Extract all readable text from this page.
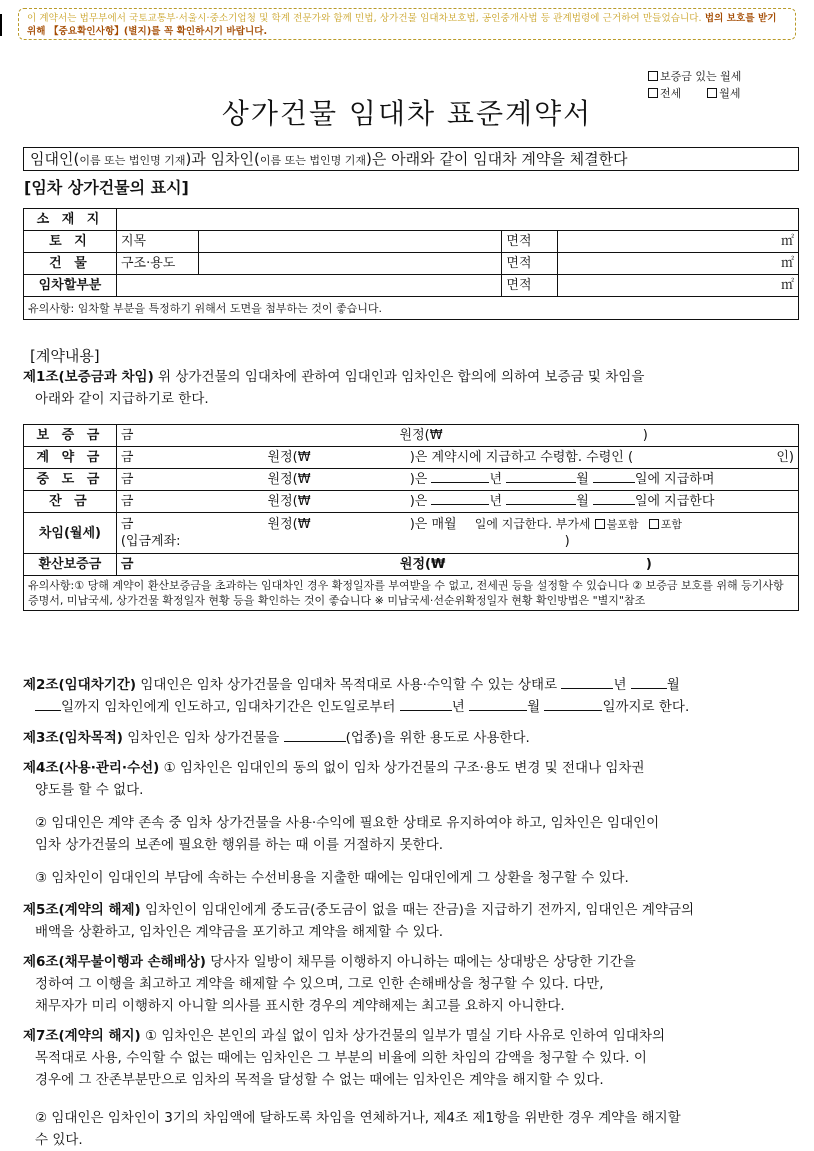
이 계약서는 법무부에서 국토교통부·서울시·중소기업청 및 학계 전문가와 함께 민법, 상가건물 임대차보호법, 공인중개사법 등 관계법령에 근거하여 만들었습니다. 법의 보호를 받기 위해 【중요확인사항】(별지)를 꼭 확인하시기 바랍니다.
보증금 있는 월세
전세	월세
상가건물 임대차 표준계약서
임대인(이름 또는 법인명 기재)과 임차인(이름 또는 법인명 기재)은 아래와 같이 임대차 계약을 체결한다
[임차 상가건물의 표시]
소 재 지				
토 지	지목		면적	㎡
건 물	구조·용도		면적	㎡
임차할부분			면적	㎡
유의사항: 임차할 부분을 특정하기 위해서 도면을 첨부하는 것이 좋습니다.				
[계약내용]
제1조(보증금과 차임) 위 상가건물의 임대차에 관하여 임대인과 임차인은 합의에 의하여 보증금 및 차임을
아래와 같이 지급하기로 한다.
보 증 금	금 원정(₩ )
계 약 금	금 원정(₩ )은 계약시에 지급하고 수령함. 수령인 ( 인)

중 도 금	금 원정(₩ )은 년 월 일에 지급하며
잔 금	금 원정(₩ )은 년 월 일에 지급한다
차임(월세)	금 원정(₩ )은 매월 일에 지급한다. 부가세 불포함 포함
(입금계좌: )
환산보증금	금 원정(₩ )
유의사항:① 당해 계약이 환산보증금을 초과하는 임대차인 경우 확정일자를 부여받을 수 없고, 전세권 등을 설정할 수 있습니다 ② 보증금 보호를 위해 등기사항증명서, 미납국세, 상가건물 확정일자 현황 등을 확인하는 것이 좋습니다 ※ 미납국세·선순위확정일자 현황 확인방법은 "별지"참조	
제2조(임대차기간) 임대인은 임차 상가건물을 임대차 목적대로 사용·수익할 수 있는 상태로	년	월
일까지 임차인에게 인도하고, 임대차기간은 인도일로부터	년	월	일까지로 한다.
제3조(임차목적) 임차인은 임차 상가건물을	(업종)을 위한 용도로 사용한다.
제4조(사용·관리·수선) ① 임차인은 임대인의 동의 없이 임차 상가건물의 구조·용도 변경 및 전대나 임차권
양도를 할 수 없다.
② 임대인은 계약 존속 중 임차 상가건물을 사용·수익에 필요한 상태로 유지하여야 하고, 임차인은 임대인이
임차 상가건물의 보존에 필요한 행위를 하는 때 이를 거절하지 못한다.
③ 임차인이 임대인의 부담에 속하는 수선비용을 지출한 때에는 임대인에게 그 상환을 청구할 수 있다.
제5조(계약의 해제) 임차인이 임대인에게 중도금(중도금이 없을 때는 잔금)을 지급하기 전까지, 임대인은 계약금의
배액을 상환하고, 임차인은 계약금을 포기하고 계약을 해제할 수 있다.
제6조(채무불이행과 손해배상) 당사자 일방이 채무를 이행하지 아니하는 때에는 상대방은 상당한 기간을
정하여 그 이행을 최고하고 계약을 해제할 수 있으며, 그로 인한 손해배상을 청구할 수 있다. 다만,
채무자가 미리 이행하지 아니할 의사를 표시한 경우의 계약해제는 최고를 요하지 아니한다.
제7조(계약의 해지) ① 임차인은 본인의 과실 없이 임차 상가건물의 일부가 멸실 기타 사유로 인하여 임대차의
목적대로 사용, 수익할 수 없는 때에는 임차인은 그 부분의 비율에 의한 차임의 감액을 청구할 수 있다. 이
경우에 그 잔존부분만으로 임차의 목적을 달성할 수 없는 때에는 임차인은 계약을 해지할 수 있다.
② 임대인은 임차인이 3기의 차임액에 달하도록 차임을 연체하거나, 제4조 제1항을 위반한 경우 계약을 해지할
수 있다.
